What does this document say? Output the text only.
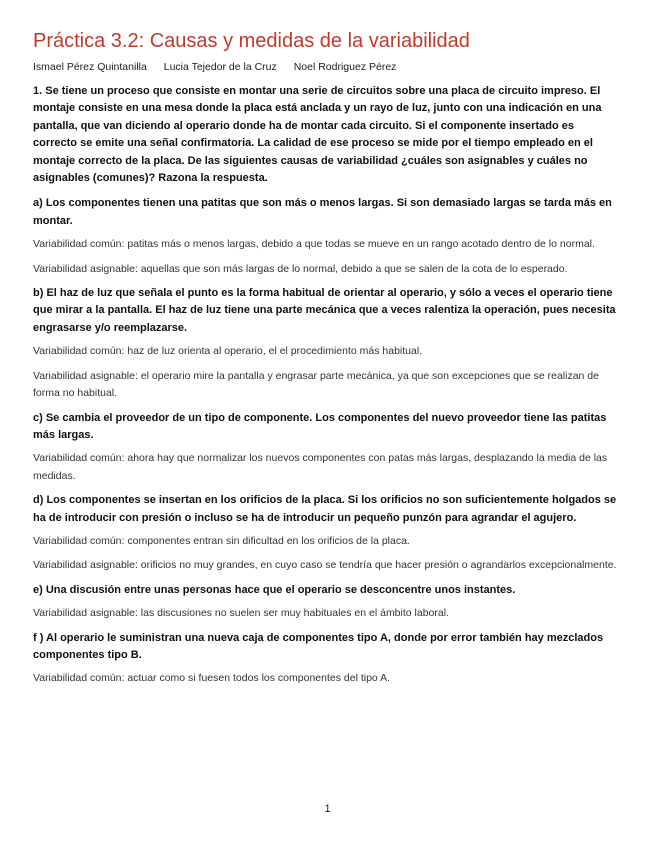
Práctica 3.2: Causas y medidas de la variabilidad
Ismael Pérez Quintanilla Lucia Tejedor de la Cruz Noel Rodriguez Pérez

1. Se tiene un proceso que consiste en montar una serie de circuitos sobre una placa de circuito impreso. El montaje consiste en una mesa donde la placa está anclada y un rayo de luz, junto con una indicación en una pantalla, que van diciendo al operario donde ha de montar cada circuito. Si el componente insertado es correcto se emite una señal confirmatoria. La calidad de ese proceso se mide por el tiempo empleado en el montaje correcto de la placa. De las siguientes causas de variabilidad ¿cuáles son asignables y cuáles no asignables (comunes)? Razona la respuesta.

a) Los componentes tienen una patitas que son más o menos largas. Si son demasiado largas se tarda más en montar.

Variabilidad común: patitas más o menos largas, debido a que todas se mueve en un rango acotado dentro de lo normal.

Variabilidad asignable: aquellas que son más largas de lo normal, debido a que se salen de la cota de lo esperado.

b) El haz de luz que señala el punto es la forma habitual de orientar al operario, y sólo a veces el operario tiene que mirar a la pantalla. El haz de luz tiene una parte mecánica que a veces ralentiza la operación, pues necesita engrasarse y/o reemplazarse.

Variabilidad común: haz de luz orienta al operario, el el procedimiento más habitual.

Variabilidad asignable: el operario mire la pantalla y engrasar parte mecánica, ya que son excepciones que se realizan de forma no habitual.

c) Se cambia el proveedor de un tipo de componente. Los componentes del nuevo proveedor tiene las patitas más largas.

Variabilidad común: ahora hay que normalizar los nuevos componentes con patas más largas, desplazando la media de las medidas.

d) Los componentes se insertan en los orificios de la placa. Si los orificios no son suficientemente holgados se ha de introducir con presión o incluso se ha de introducir un pequeño punzón para agrandar el agujero.

Variabilidad común: componentes entran sin dificultad en los orificios de la placa.

Variabilidad asignable: orificios no muy grandes, en cuyo caso se tendría que hacer presión o agrandarlos excepcionalmente.

e) Una discusión entre unas personas hace que el operario se desconcentre unos instantes.

Variabilidad asignable: las discusiones no suelen ser muy habituales en el ámbito laboral.

f ) Al operario le suministran una nueva caja de componentes tipo A, donde por error también hay mezclados componentes tipo B.

Variabilidad común: actuar como si fuesen todos los componentes del tipo A.

1
